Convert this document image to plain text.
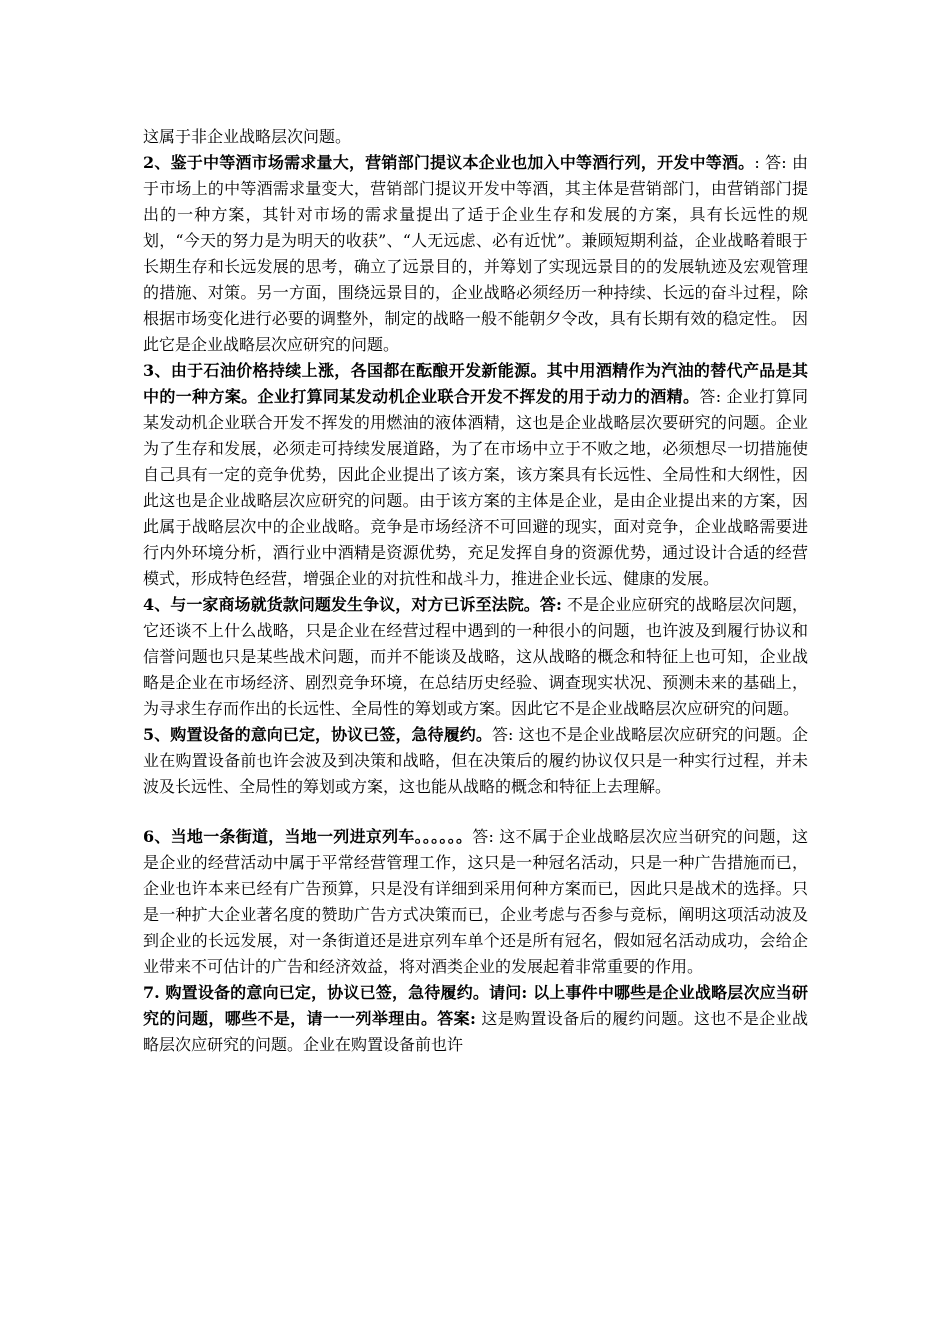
这属于非企业战略层次问题。

2、鉴于中等酒市场需求量大，营销部门提议本企业也加入中等酒行列，开发中等酒。: 答: 由于市场上的中等酒需求量变大，营销部门提议开发中等酒，其主体是营销部门，由营销部门提出的一种方案，其针对市场的需求量提出了适于企业生存和发展的方案，具有长远性的规划，“今天的努力是为明天的收获”、“人无远虑、必有近忧”。兼顾短期利益，企业战略着眼于长期生存和长远发展的思考，确立了远景目的，并筹划了实现远景目的的发展轨迹及宏观管理的措施、对策。另一方面，围绕远景目的，企业战略必须经历一种持续、长远的奋斗过程，除根据市场变化进行必要的调整外，制定的战略一般不能朝夕令改，具有长期有效的稳定性。 因此它是企业战略层次应研究的问题。

3、由于石油价格持续上涨，各国都在酝酿开发新能源。其中用酒精作为汽油的替代产品是其中的一种方案。企业打算同某发动机企业联合开发不挥发的用于动力的酒精。答: 企业打算同某发动机企业联合开发不挥发的用燃油的液体酒精，这也是企业战略层次要研究的问题。企业为了生存和发展，必须走可持续发展道路，为了在市场中立于不败之地，必须想尽一切措施使自己具有一定的竞争优势，因此企业提出了该方案，该方案具有长远性、全局性和大纲性，因此这也是企业战略层次应研究的问题。由于该方案的主体是企业，是由企业提出来的方案，因此属于战略层次中的企业战略。竞争是市场经济不可回避的现实，面对竞争，企业战略需要进行内外环境分析，酒行业中酒精是资源优势，充足发挥自身的资源优势，通过设计合适的经营模式，形成特色经营，增强企业的对抗性和战斗力，推进企业长远、健康的发展。

4、与一家商场就货款问题发生争议，对方已诉至法院。答: 不是企业应研究的战略层次问题，它还谈不上什么战略，只是企业在经营过程中遇到的一种很小的问题，也许波及到履行协议和信誉问题也只是某些战术问题，而并不能谈及战略，这从战略的概念和特征上也可知，企业战略是企业在市场经济、剧烈竞争环境，在总结历史经验、调查现实状况、预测未来的基础上，为寻求生存而作出的长远性、全局性的筹划或方案。因此它不是企业战略层次应研究的问题。

5、购置设备的意向已定，协议已签，急待履约。答: 这也不是企业战略层次应研究的问题。企业在购置设备前也许会波及到决策和战略，但在决策后的履约协议仅只是一种实行过程，并未波及长远性、全局性的筹划或方案，这也能从战略的概念和特征上去理解。

6、当地一条街道，当地一列进京列车。。。。。。答: 这不属于企业战略层次应当研究的问题，这是企业的经营活动中属于平常经营管理工作，这只是一种冠名活动，只是一种广告措施而已，企业也许本来已经有广告预算，只是没有详细到采用何种方案而已，因此只是战术的选择。只是一种扩大企业著名度的赞助广告方式决策而已，企业考虑与否参与竞标，阐明这项活动波及到企业的长远发展，对一条街道还是进京列车单个还是所有冠名，假如冠名活动成功，会给企业带来不可估计的广告和经济效益，将对酒类企业的发展起着非常重要的作用。

7. 购置设备的意向已定，协议已签，急待履约。请问: 以上事件中哪些是企业战略层次应当研究的问题，哪些不是，请一一列举理由。答案: 这是购置设备后的履约问题。这也不是企业战略层次应研究的问题。企业在购置设备前也许
